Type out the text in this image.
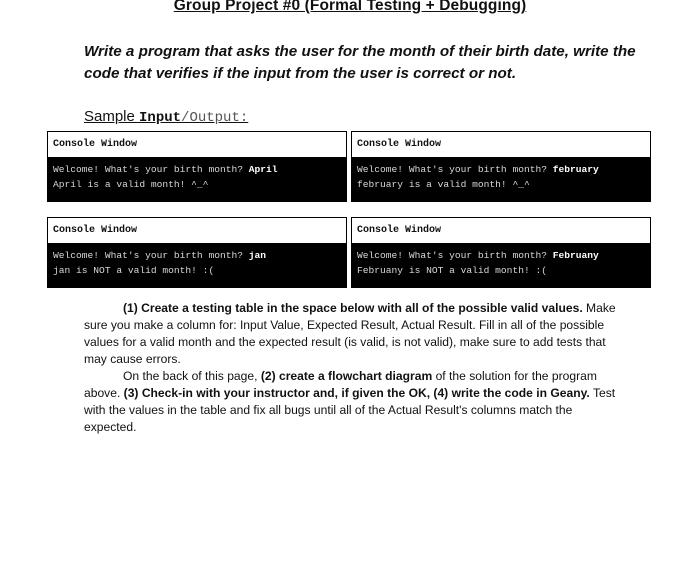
Group Project #0 (Formal Testing + Debugging)
Write a program that asks the user for the month of their birth date, write the code that verifies if the input from the user is correct or not.
Sample Input/Output:
Console Window
Welcome! What's your birth month? April
April is a valid month! ^_^
Console Window
Welcome! What's your birth month? february
february is a valid month! ^_^
Console Window
Welcome! What's your birth month? jan
jan is NOT a valid month! :(
Console Window
Welcome! What's your birth month? Februany
Februany is NOT a valid month! :(

(1) Create a testing table in the space below with all of the possible valid values. Make sure you make a column for: Input Value, Expected Result, Actual Result. Fill in all of the possible values for a valid month and the expected result (is valid, is not valid), make sure to add tests that may cause errors.

On the back of this page, (2) create a flowchart diagram of the solution for the program above. (3) Check-in with your instructor and, if given the OK, (4) write the code in Geany. Test with the values in the table and fix all bugs until all of the Actual Result's columns match the expected.
